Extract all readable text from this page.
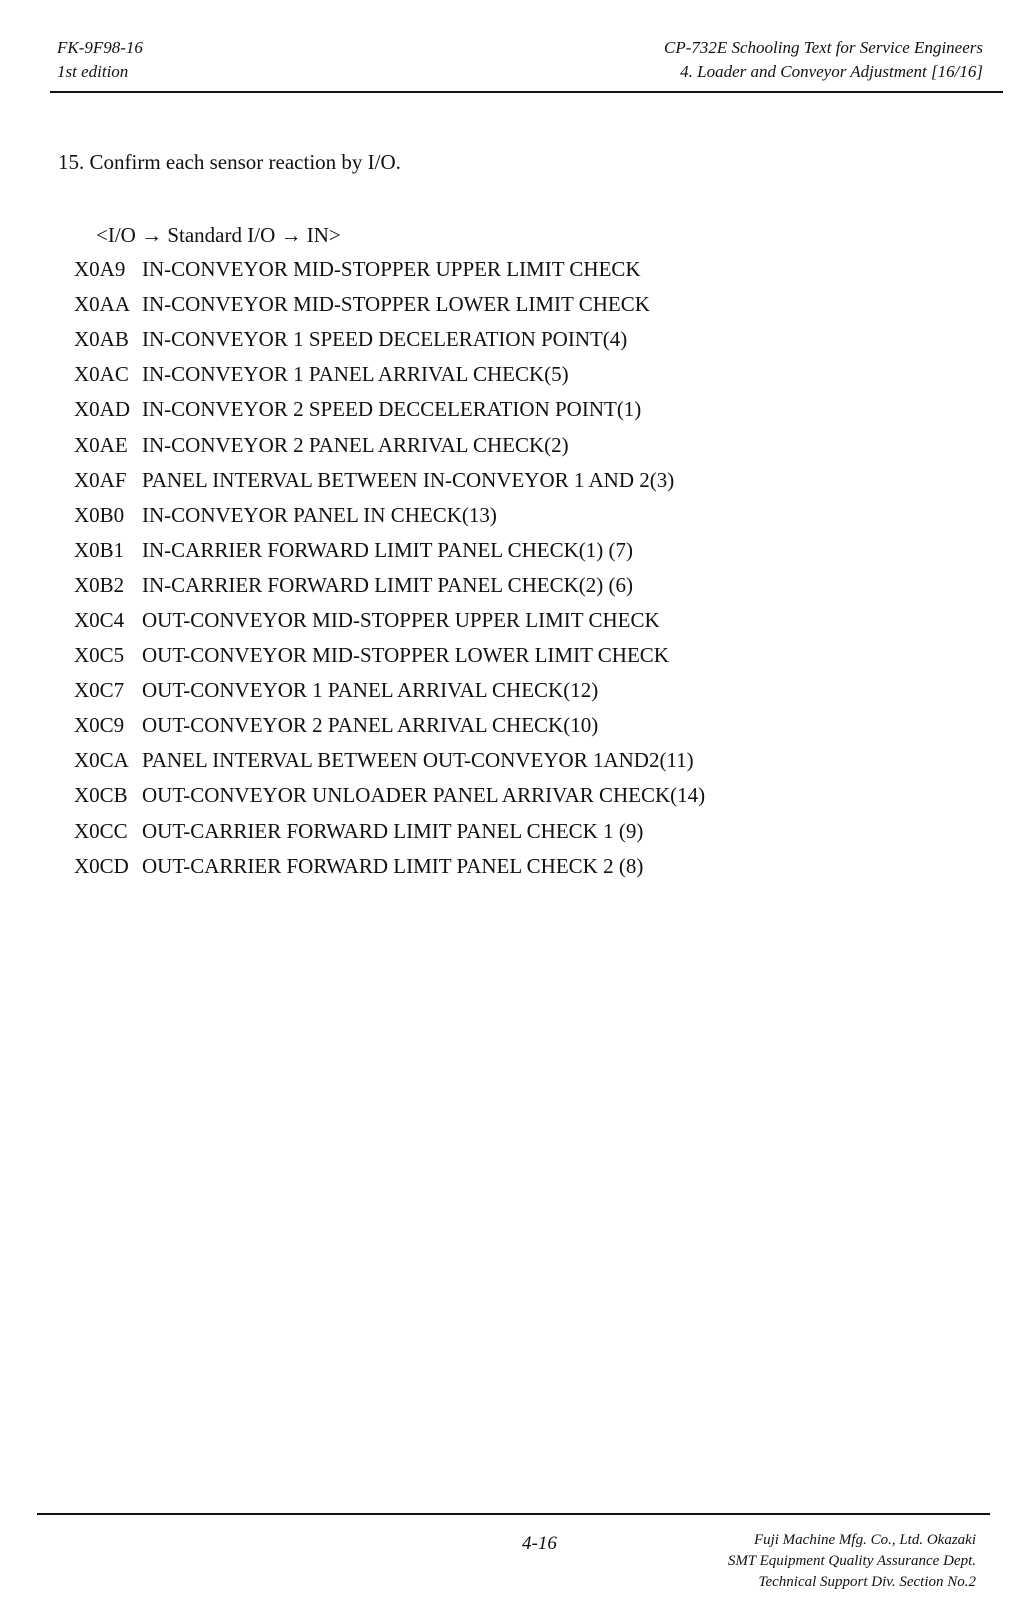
FK-9F98-16
1st edition
CP-732E Schooling Text for Service Engineers
4. Loader and Conveyor Adjustment [16/16]
15. Confirm each sensor reaction by I/O.
<I/O → Standard I/O → IN>
X0A9 IN-CONVEYOR MID-STOPPER UPPER LIMIT CHECK
X0AA IN-CONVEYOR MID-STOPPER LOWER LIMIT CHECK
X0AB IN-CONVEYOR 1 SPEED DECELERATION POINT(4)
X0AC IN-CONVEYOR 1 PANEL ARRIVAL CHECK(5)
X0AD IN-CONVEYOR 2 SPEED DECCELERATION POINT(1)
X0AE IN-CONVEYOR 2 PANEL ARRIVAL CHECK(2)
X0AF PANEL INTERVAL BETWEEN IN-CONVEYOR 1 AND 2(3)
X0B0 IN-CONVEYOR PANEL IN CHECK(13)
X0B1 IN-CARRIER FORWARD LIMIT PANEL CHECK(1) (7)
X0B2 IN-CARRIER FORWARD LIMIT PANEL CHECK(2) (6)
X0C4 OUT-CONVEYOR MID-STOPPER UPPER LIMIT CHECK
X0C5 OUT-CONVEYOR MID-STOPPER LOWER LIMIT CHECK
X0C7 OUT-CONVEYOR 1 PANEL ARRIVAL CHECK(12)
X0C9 OUT-CONVEYOR 2 PANEL ARRIVAL CHECK(10)
X0CA PANEL INTERVAL BETWEEN OUT-CONVEYOR 1AND2(11)
X0CB OUT-CONVEYOR UNLOADER PANEL ARRIVAR CHECK(14)
X0CC OUT-CARRIER FORWARD LIMIT PANEL CHECK 1 (9)
X0CD OUT-CARRIER FORWARD LIMIT PANEL CHECK 2 (8)
4-16	Fuji Machine Mfg. Co., Ltd. Okazaki
SMT Equipment Quality Assurance Dept.
Technical Support Div. Section No.2
